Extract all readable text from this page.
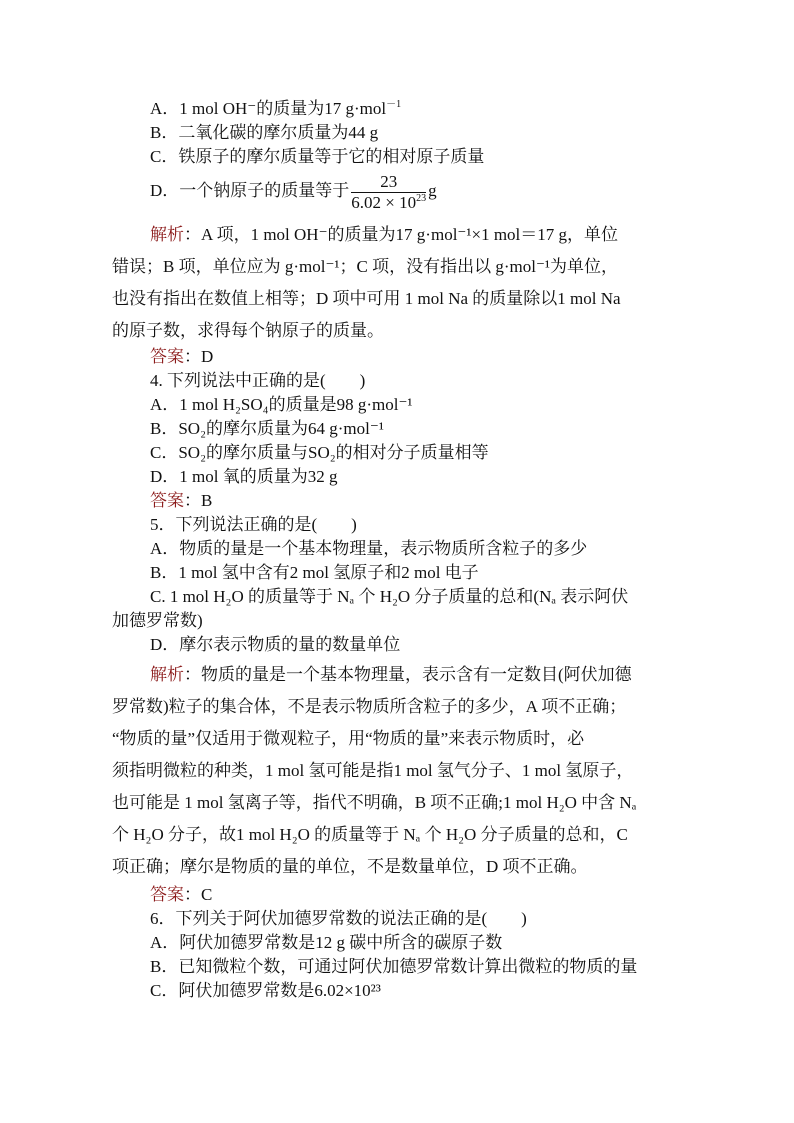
A．1 mol OH⁻的质量为17 g·mol$^{-1}$
B．二氧化碳的摩尔质量为44 g
C．铁原子的摩尔质量等于它的相对原子质量
D．一个钠原子的质量等于 $\frac{23}{6.02 \times 10^{23}}$ g
解析：A 项，1 mol OH⁻的质量为17 g·mol⁻¹×1 mol＝17 g，单位
错误；B 项，单位应为 g·mol⁻¹；C 项，没有指出以 g·mol⁻¹为单位，
也没有指出在数值上相等；D 项中可用 1 mol Na 的质量除以1 mol Na
的原子数，求得每个钠原子的质量。
答案：D
4. 下列说法中正确的是(　　)
A．1 mol H₂SO₄的质量是98 g·mol⁻¹
B．SO₂的摩尔质量为64 g·mol⁻¹
C．SO₂的摩尔质量与SO₂的相对分子质量相等
D．1 mol 氧的质量为32 g
答案：B
5．下列说法正确的是(　　)
A．物质的量是一个基本物理量，表示物质所含粒子的多少
B．1 mol 氢中含有2 mol 氢原子和2 mol 电子
C. 1 mol H₂O 的质量等于 Nₐ 个 H₂O 分子质量的总和(Nₐ 表示阿伏
加德罗常数)
D．摩尔表示物质的量的数量单位
解析：物质的量是一个基本物理量，表示含有一定数目(阿伏加德
罗常数)粒子的集合体，不是表示物质所含粒子的多少，A 项不正确；
“物质的量”仅适用于微观粒子，用“物质的量”来表示物质时，必
须指明微粒的种类，1 mol 氢可能是指1 mol 氢气分子、1 mol 氢原子，
也可能是 1 mol 氢离子等，指代不明确，B 项不正确;1 mol H₂O 中含 Nₐ
个 H₂O 分子，故1 mol H₂O 的质量等于 Nₐ 个 H₂O 分子质量的总和，C
项正确；摩尔是物质的量的单位，不是数量单位，D 项不正确。
答案：C
6．下列关于阿伏加德罗常数的说法正确的是(　　)
A．阿伏加德罗常数是12 g 碳中所含的碳原子数
B．已知微粒个数，可通过阿伏加德罗常数计算出微粒的物质的量
C．阿伏加德罗常数是6.02×10²³
